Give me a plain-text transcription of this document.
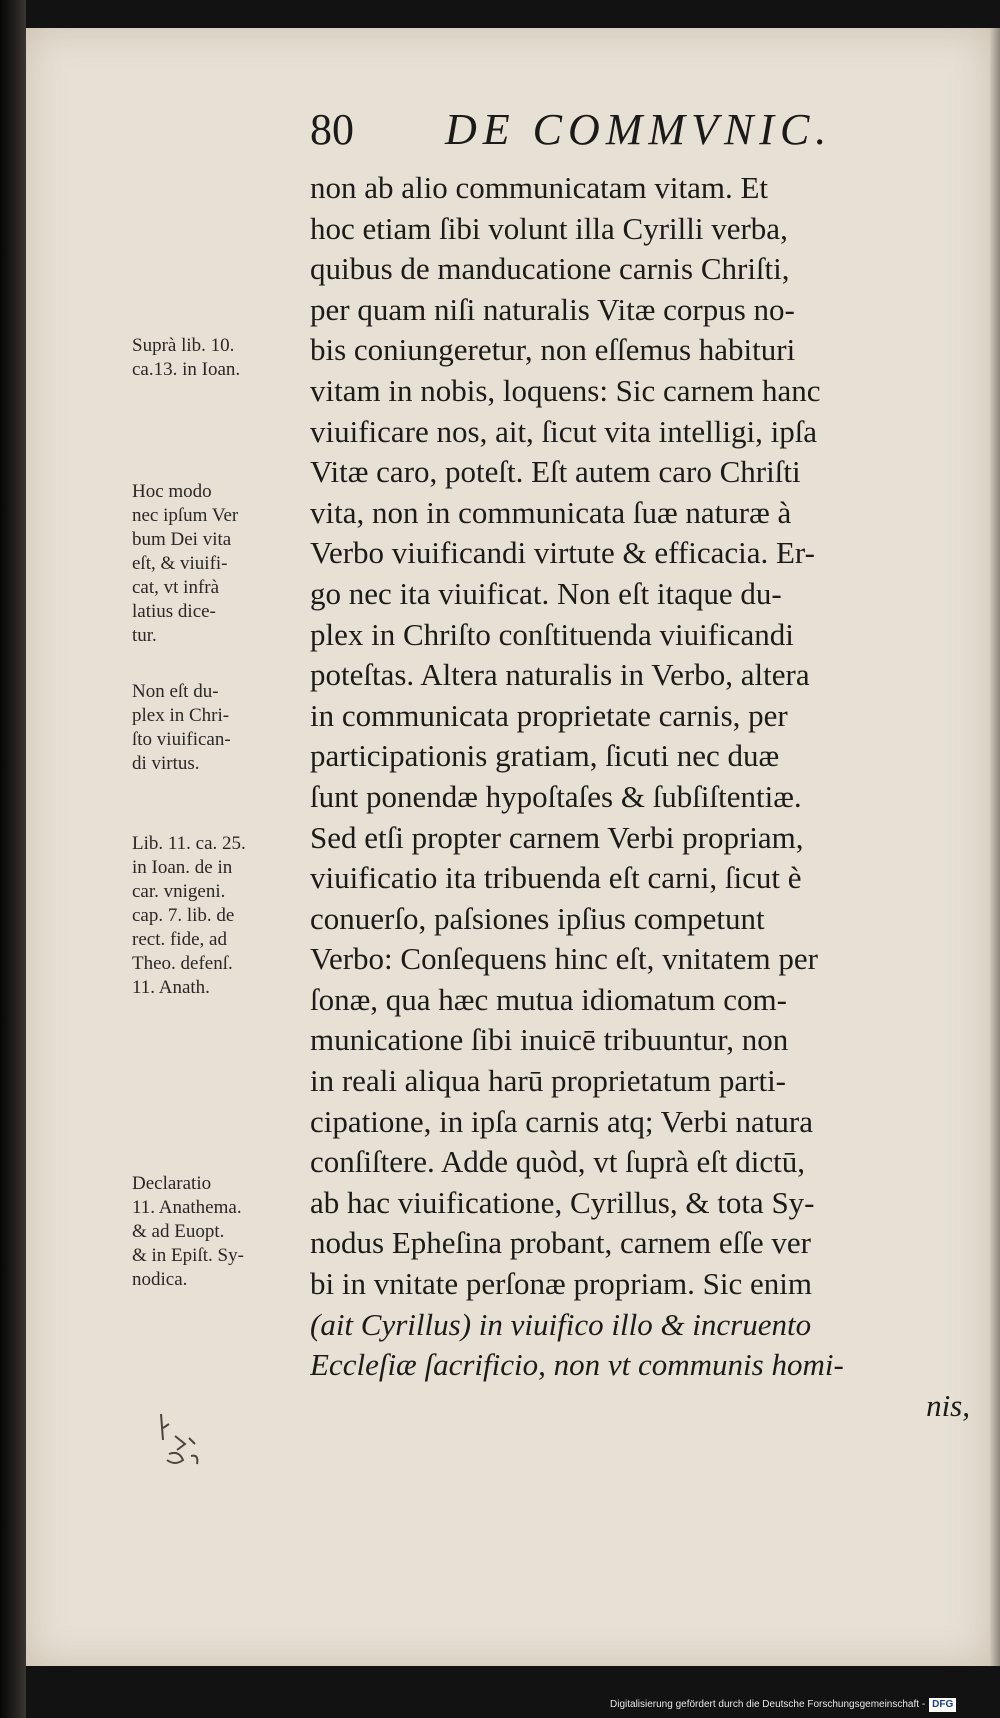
80 DE COMMVNIC.
non ab alio communicatam vitam. Et
hoc etiam ſibi volunt illa Cyrilli verba,
quibus de manducatione carnis Chriſti,
per quam niſi naturalis Vitæ corpus no-
bis coniungeretur, non eſſemus habituri
vitam in nobis, loquens: Sic carnem hanc
viuificare nos, ait, ſicut vita intelligi, ipſa
Vitæ caro, poteſt. Eſt autem caro Chriſti
vita, non in communicata ſuæ naturæ à
Verbo viuificandi virtute & efficacia. Er-
go nec ita viuificat. Non eſt itaque du-
plex in Chriſto conſtituenda viuificandi
poteſtas. Altera naturalis in Verbo, altera
in communicata proprietate carnis, per
participationis gratiam, ſicuti nec duæ
ſunt ponendæ hypoſtaſes & ſubſiſtentiæ.
Sed etſi propter carnem Verbi propriam,
viuificatio ita tribuenda eſt carni, ſicut è
conuerſo, paſsiones ipſius competunt
Verbo: Conſequens hinc eſt, vnitatem per
ſonæ, qua hæc mutua idiomatum com-
municatione ſibi inuicē tribuuntur, non
in reali aliqua harū proprietatum parti-
cipatione, in ipſa carnis atq; Verbi natura
conſiſtere. Adde quòd, vt ſuprà eſt dictū,
ab hac viuificatione, Cyrillus, & tota Sy-
nodus Epheſina probant, carnem eſſe ver
bi in vnitate perſonæ propriam. Sic enim
(ait Cyrillus) in viuifico illo & incruento
Eccleſiæ ſacrificio, non vt communis homi-
nis,
Suprà lib. 10.
ca.13. in Ioan.
Hoc modo
nec ipſum Ver
bum Dei vita
eſt, & viuifi-
cat, vt infrà
latius dice-
tur.
Non eſt du-
plex in Chri-
ſto viuifican-
di virtus.
Lib. 11. ca. 25.
in Ioan. de in
car. vnigeni.
cap. 7. lib. de
rect. fide, ad
Theo. defenſ.
11. Anath.
Declaratio
11. Anathema.
& ad Euopt.
& in Epiſt. Sy-
nodica.
Digitalisierung gefördert durch die Deutsche Forschungsgemeinschaft - DFG
